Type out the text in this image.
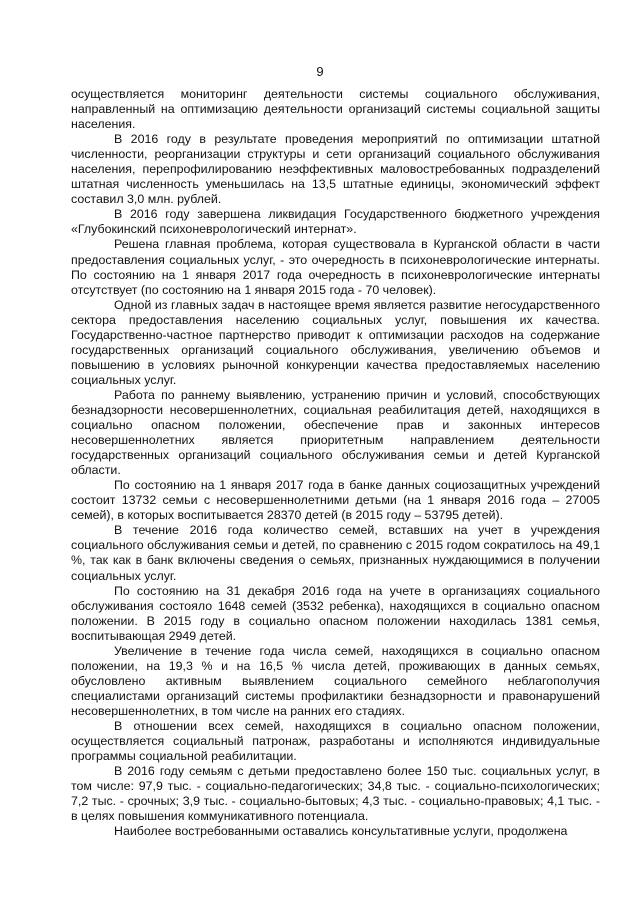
9

осуществляется мониторинг деятельности системы социального обслуживания, направленный на оптимизацию деятельности организаций системы социальной защиты населения.

В 2016 году в результате проведения мероприятий по оптимизации штатной численности, реорганизации структуры и сети организаций социального обслуживания населения, перепрофилированию неэффективных маловостребованных подразделений штатная численность уменьшилась на 13,5 штатные единицы, экономический эффект составил 3,0 млн. рублей.

В 2016 году завершена ликвидация Государственного бюджетного учреждения «Глубокинский психоневрологический интернат».

Решена главная проблема, которая существовала в Курганской области в части предоставления социальных услуг, - это очередность в психоневрологические интернаты. По состоянию на 1 января 2017 года очередность в психоневрологические интернаты отсутствует (по состоянию на 1 января 2015 года - 70 человек).

Одной из главных задач в настоящее время является развитие негосударственного сектора предоставления населению социальных услуг, повышения их качества. Государственно-частное партнерство приводит к оптимизации расходов на содержание государственных организаций социального обслуживания, увеличению объемов и повышению в условиях рыночной конкуренции качества предоставляемых населению социальных услуг.

Работа по раннему выявлению, устранению причин и условий, способствующих безнадзорности несовершеннолетних, социальная реабилитация детей, находящихся в социально опасном положении, обеспечение прав и законных интересов несовершеннолетних является приоритетным направлением деятельности государственных организаций социального обслуживания семьи и детей Курганской области.

По состоянию на 1 января 2017 года в банке данных социозащитных учреждений состоит 13732 семьи с несовершеннолетними детьми (на 1 января 2016 года – 27005 семей), в которых воспитывается 28370 детей (в 2015 году – 53795 детей).

В течение 2016 года количество семей, вставших на учет в учреждения социального обслуживания семьи и детей, по сравнению с 2015 годом сократилось на 49,1 %, так как в банк включены сведения о семьях, признанных нуждающимися в получении социальных услуг.

По состоянию на 31 декабря 2016 года на учете в организациях социального обслуживания состояло 1648 семей (3532 ребенка), находящихся в социально опасном положении. В 2015 году в социально опасном положении находилась 1381 семья, воспитывающая 2949 детей.

Увеличение в течение года числа семей, находящихся в социально опасном положении, на 19,3 % и на 16,5 % числа детей, проживающих в данных семьях, обусловлено активным выявлением социального семейного неблагополучия специалистами организаций системы профилактики безнадзорности и правонарушений несовершеннолетних, в том числе на ранних его стадиях.

В отношении всех семей, находящихся в социально опасном положении, осуществляется социальный патронаж, разработаны и исполняются индивидуальные программы социальной реабилитации.

В 2016 году семьям с детьми предоставлено более 150 тыс. социальных услуг, в том числе: 97,9 тыс. - социально-педагогических; 34,8 тыс. - социально-психологических; 7,2 тыс. - срочных; 3,9 тыс. - социально-бытовых; 4,3 тыс. - социально-правовых; 4,1 тыс. - в целях повышения коммуникативного потенциала.

Наиболее востребованными оставались консультативные услуги, продолжена
